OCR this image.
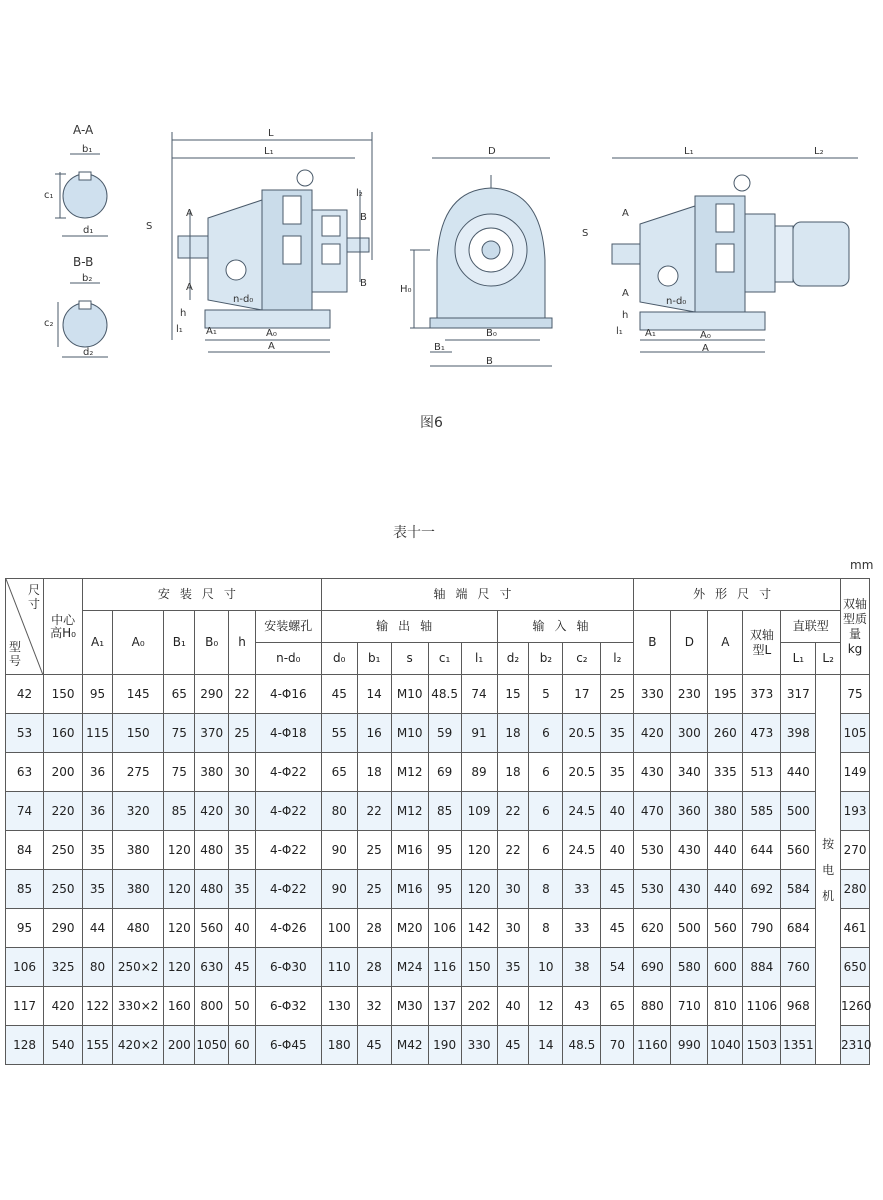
A-A
b₁
c₁
d₁
B-B
b₂
c₂
d₂
L
L₁
S
A
A
l₂
B
B
n-d₀
h
l₁ A₁	A₀
A
D
H₀
B₀
B₁
B
L₁	L₂
S
A
A
n-d₀
h
l₁ A₁	A₀
A
图6
表十一
mm
尺寸
型号	中心高H₀	安装尺寸						轴端尺寸									外形尺寸						双轴型质量kg
		A₁	A₀	B₁	B₀	h	安装螺孔	输出轴					输入轴				B	D	A	双轴型L	直联型		
							n-d₀	d₀	b₁	s	c₁	l₁	d₂	b₂	c₂	l₂					L₁	L₂	
42	150	95	145	65	290	22	4-Φ16	45	14	M10	48.5	74	15	5	17	25	330	230	195	373	317	按电机	75
53	160	115	150	75	370	25	4-Φ18	55	16	M10	59	91	18	6	20.5	35	420	300	260	473	398		105
63	200	36	275	75	380	30	4-Φ22	65	18	M12	69	89	18	6	20.5	35	430	340	335	513	440		149
74	220	36	320	85	420	30	4-Φ22	80	22	M12	85	109	22	6	24.5	40	470	360	380	585	500		193
84	250	35	380	120	480	35	4-Φ22	90	25	M16	95	120	22	6	24.5	40	530	430	440	644	560		270
85	250	35	380	120	480	35	4-Φ22	90	25	M16	95	120	30	8	33	45	530	430	440	692	584		280
95	290	44	480	120	560	40	4-Φ26	100	28	M20	106	142	30	8	33	45	620	500	560	790	684		461
106	325	80	250×2	120	630	45	6-Φ30	110	28	M24	116	150	35	10	38	54	690	580	600	884	760		650
117	420	122	330×2	160	800	50	6-Φ32	130	32	M30	137	202	40	12	43	65	880	710	810	1106	968		1260
128	540	155	420×2	200	1050	60	6-Φ45	180	45	M42	190	330	45	14	48.5	70	1160	990	1040	1503	1351		2310
